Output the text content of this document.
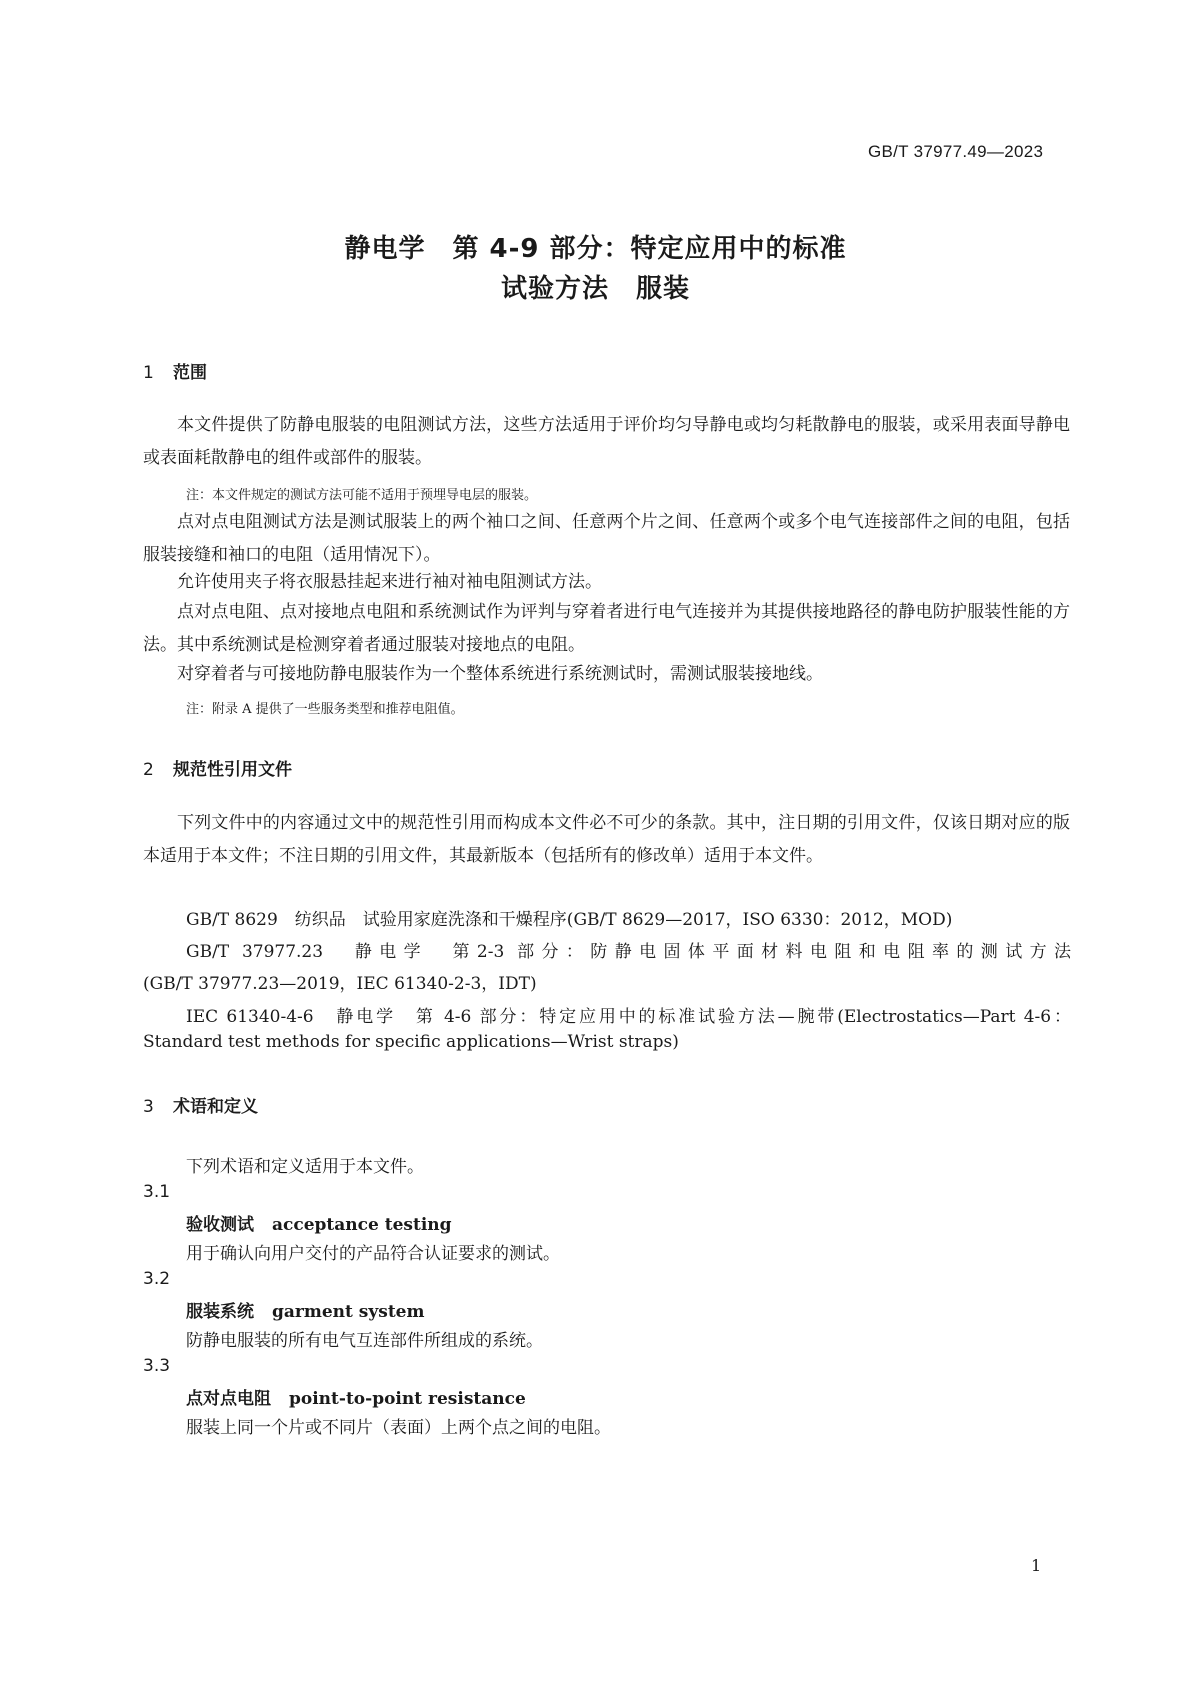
GB/T 37977.49—2023
静电学　第 4-9 部分：特定应用中的标准
试验方法　服装
1 范围
本文件提供了防静电服装的电阻测试方法，这些方法适用于评价均匀导静电或均匀耗散静电的服装，或采用表面导静电或表面耗散静电的组件或部件的服装。
注：本文件规定的测试方法可能不适用于预埋导电层的服装。
点对点电阻测试方法是测试服装上的两个袖口之间、任意两个片之间、任意两个或多个电气连接部件之间的电阻，包括服装接缝和袖口的电阻（适用情况下）。
允许使用夹子将衣服悬挂起来进行袖对袖电阻测试方法。
点对点电阻、点对接地点电阻和系统测试作为评判与穿着者进行电气连接并为其提供接地路径的静电防护服装性能的方法。其中系统测试是检测穿着者通过服装对接地点的电阻。
对穿着者与可接地防静电服装作为一个整体系统进行系统测试时，需测试服装接地线。
注：附录 A 提供了一些服务类型和推荐电阻值。
2 规范性引用文件
下列文件中的内容通过文中的规范性引用而构成本文件必不可少的条款。其中，注日期的引用文件，仅该日期对应的版本适用于本文件；不注日期的引用文件，其最新版本（包括所有的修改单）适用于本文件。
GB/T 8629　纺织品　试验用家庭洗涤和干燥程序(GB/T 8629—2017，ISO 6330：2012，MOD)
GB/T 37977.23　静电学　第2-3 部分：防静电固体平面材料电阻和电阻率的测试方法
(GB/T 37977.23—2019，IEC 61340-2-3，IDT)
IEC 61340-4-6　静电学　第 4-6 部分：特定应用中的标准试验方法—腕带(Electrostatics—Part 4-6：
Standard test methods for specific applications—Wrist straps)
3 术语和定义
下列术语和定义适用于本文件。
3.1
验收测试 acceptance testing
用于确认向用户交付的产品符合认证要求的测试。
3.2
服装系统 garment system
防静电服装的所有电气互连部件所组成的系统。
3.3
点对点电阻 point-to-point resistance
服装上同一个片或不同片（表面）上两个点之间的电阻。
1
